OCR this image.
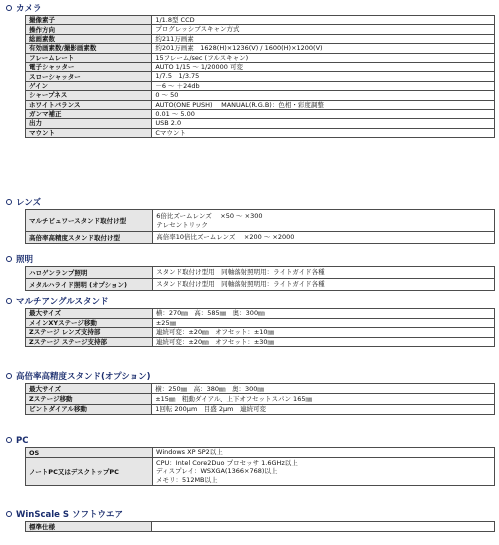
カメラ
撮像素子	1/1.8型 CCD

操作方向	プログレッシブスキャン方式

総画素数	約211万画素

有効画素数/撮影画素数	約201万画素　1628(H)×1236(V) / 1600(H)×1200(V)

フレームレート	15フレーム/sec (フルスキャン)

電子シャッター	AUTO 1/15 ～ 1/20000 可変

スローシャッター	1/7.5　1/3.75

ゲイン	－6 ～ ＋24db

シャープネス	0 ～ 50

ホワイトバランス	AUTO(ONE PUSH)　 MANUAL(R.G.B)：色相・彩度調整

ガンマ補正	0.01 ～ 5.00

出力	USB 2.0

マウント	Cマウント
レンズ
マルチビュワースタンド取付け型	6倍比ズームレンズ　 ×50 ～ ×300
テレセントリック

高倍率高精度スタンド取付け型	高倍率10倍比ズームレンズ　 ×200 ～ ×2000
照明
ハロゲンランプ照明	スタンド取付け型用　同軸落射照明用：ライトガイド各種

メタルハライド照明 (オプション)	スタンド取付け型用　同軸落射照明用：ライトガイド各種
マルチアングルスタンド
最大サイズ	横：270㎜　高：585㎜　奥：300㎜

メインXYステージ移動	±25㎜

Zステージ レンズ支持部	連続可変：±20㎜　オフセット：±10㎜

Zステージ ステージ支持部	連続可変：±20㎜　オフセット：±30㎜
高倍率高精度スタンド(オプション)
最大サイズ	横：250㎜　高：380㎜　奥：300㎜

Zステージ移動	±15㎜　粗動ダイアル、上下オフセットスパン 165㎜

ピントダイアル移動	1回転 200μm　目盛 2μm　連続可変
PC
OS	Windows XP SP2以上

ノートPC又はデスクトップPC	CPU：Intel Core2Duo プロセッサ 1.6GHz以上
ディスプレイ：WSXGA(1366×768)以上
メモリ：512MB以上
WinScale S ソフトウエア
標準仕様	
